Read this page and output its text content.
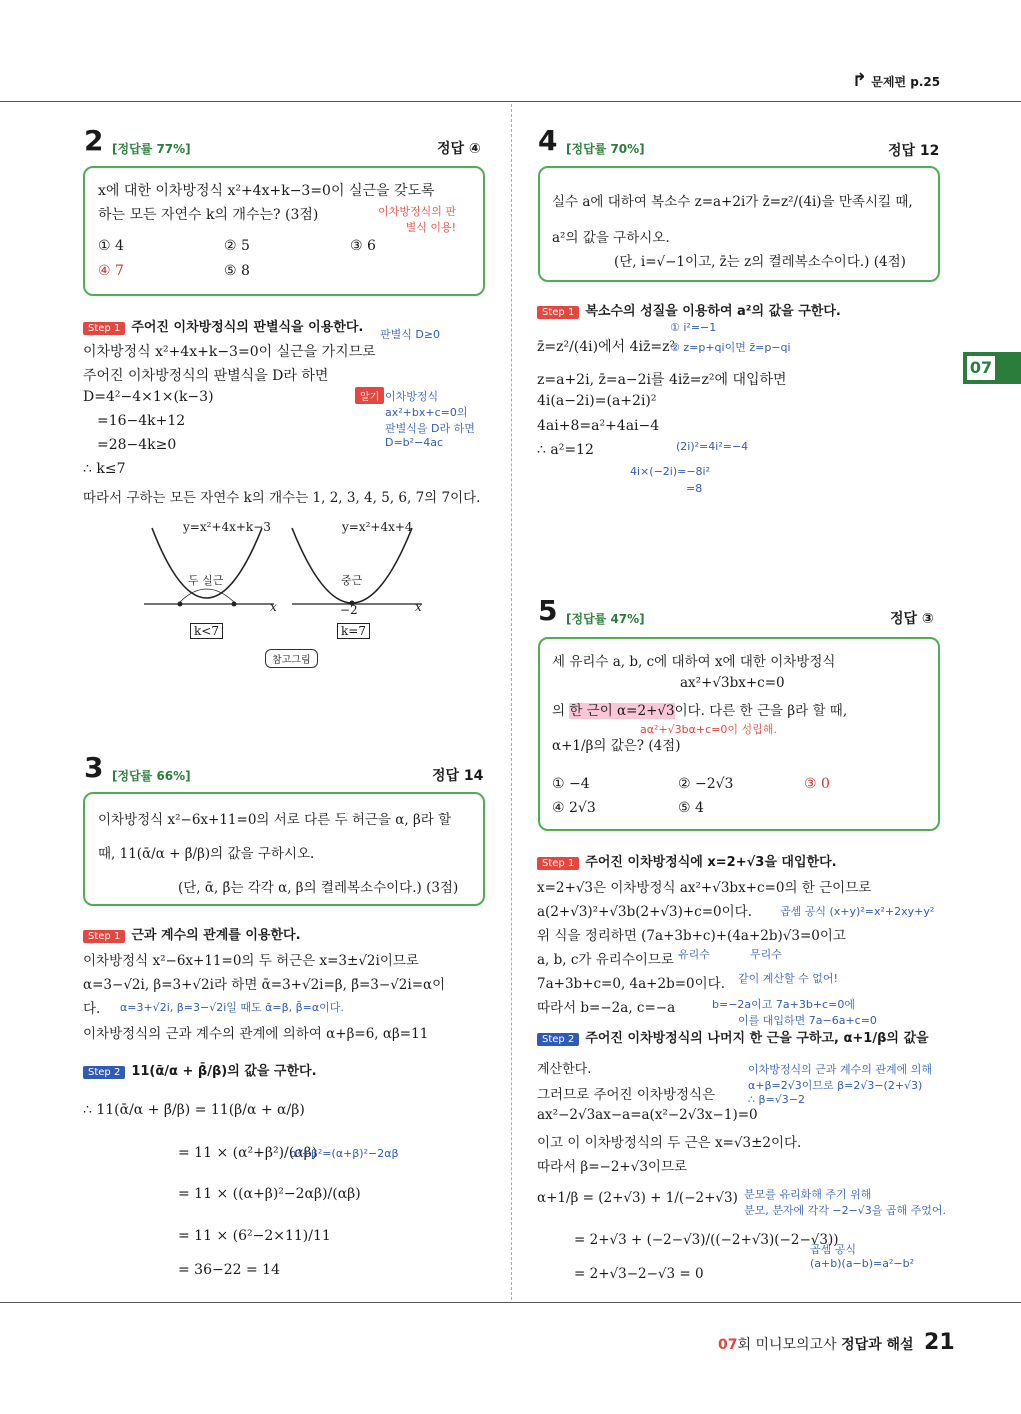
↱ 문제편 p.25
07
2 [정답률 77%]	정답 ④
x에 대한 이차방정식 x²+4x+k−3=0이 실근을 갖도록
하는 모든 자연수 k의 개수는? (3점)	이차방정식의 판별식 이용!
① 4	② 5	③ 6
④ 7	⑤ 8
Step 1 주어진 이차방정식의 판별식을 이용한다. 판별식 D≥0
이차방정식 x²+4x+k−3=0이 실근을 가지므로
주어진 이차방정식의 판별식을 D라 하면
D=4²−4×1×(k−3)
=16−4k+12
=28−4k≥0
∴ k≤7
따라서 구하는 모든 자연수 k의 개수는 1, 2, 3, 4, 5, 6, 7의 7이다.
알기 이차방정식
ax²+bx+c=0의
판별식을 D라 하면
D=b²−4ac
y=x²+4x+k−3
두 실근
x
k<7
y=x²+4x+4
중근
−2	x
k=7
참고그림
3 [정답률 66%]	정답 14
이차방정식 x²−6x+11=0의 서로 다른 두 허근을 α, β라 할
때, 11(ᾱ/α + β̄/β)의 값을 구하시오.
(단, ᾱ, β̄는 각각 α, β의 켤레복소수이다.) (3점)
Step 1 근과 계수의 관계를 이용한다.
이차방정식 x²−6x+11=0의 두 허근은 x=3±√2i이므로
α=3−√2i, β=3+√2i라 하면 ᾱ=3+√2i=β, β̄=3−√2i=α이
다. α=3+√2i, β=3−√2i일 때도 ᾱ=β, β̄=α이다.
이차방정식의 근과 계수의 관계에 의하여 α+β=6, αβ=11
Step 2 11(ᾱ/α + β̄/β)의 값을 구한다.
∴ 11(ᾱ/α + β̄/β) = 11(β/α + α/β)
= 11 × (α²+β²)/(αβ)
α²+β²=(α+β)²−2αβ
= 11 × ((α+β)²−2αβ)/(αβ)
= 11 × (6²−2×11)/11
= 36−22 = 14
4 [정답률 70%]	정답 12
실수 a에 대하여 복소수 z=a+2i가 z̄=z²/(4i)을 만족시킬 때,
a²의 값을 구하시오.
(단, i=√−1이고, z̄는 z의 켤레복소수이다.) (4점)
Step 1 복소수의 성질을 이용하여 a²의 값을 구한다.
① i²=−1
z̄=z²/(4i)에서 4iz̄=z²
② z=p+qi이면 z̄=p−qi
z=a+2i, z̄=a−2i를 4iz̄=z²에 대입하면
4i(a−2i)=(a+2i)²
4ai+8=a²+4ai−4
(2i)²=4i²=−4
∴ a²=12
4i×(−2i)=−8i²
=8
5 [정답률 47%]	정답 ③
세 유리수 a, b, c에 대하여 x에 대한 이차방정식
ax²+√3bx+c=0
의 한 근이 α=2+√3이다. 다른 한 근을 β라 할 때,
aα²+√3bα+c=0이 성립해.
α+1/β의 값은? (4점)
① −4	② −2√3	③ 0
④ 2√3	⑤ 4
Step 1 주어진 이차방정식에 x=2+√3을 대입한다.
x=2+√3은 이차방정식 ax²+√3bx+c=0의 한 근이므로
a(2+√3)²+√3b(2+√3)+c=0이다.	곱셈 공식 (x+y)²=x²+2xy+y²
위 식을 정리하면 (7a+3b+c)+(4a+2b)√3=0이고
a, b, c가 유리수이므로 유리수	무리수
7a+3b+c=0, 4a+2b=0이다. 같이 계산할 수 없어!
따라서 b=−2a, c=−a	b=−2a이고 7a+3b+c=0에
이를 대입하면 7a−6a+c=0
Step 2 주어진 이차방정식의 나머지 한 근을 구하고, α+1/β의 값을
계산한다.	이차방정식의 근과 계수의 관계에 의해
α+β=2√3이므로 β=2√3−(2+√3)
∴ β=√3−2
그러므로 주어진 이차방정식은
ax²−2√3ax−a=a(x²−2√3x−1)=0
이고 이 이차방정식의 두 근은 x=√3±2이다.
따라서 β=−2+√3이므로
α+1/β = (2+√3) + 1/(−2+√3) 분모를 유리화해 주기 위해
분모, 분자에 각각 −2−√3을 곱해 주었어.
= 2+√3 + (−2−√3)/((−2+√3)(−2−√3))
곱셈 공식
(a+b)(a−b)=a²−b²
= 2+√3−2−√3 = 0
07회 미니모의고사 정답과 해설 21
